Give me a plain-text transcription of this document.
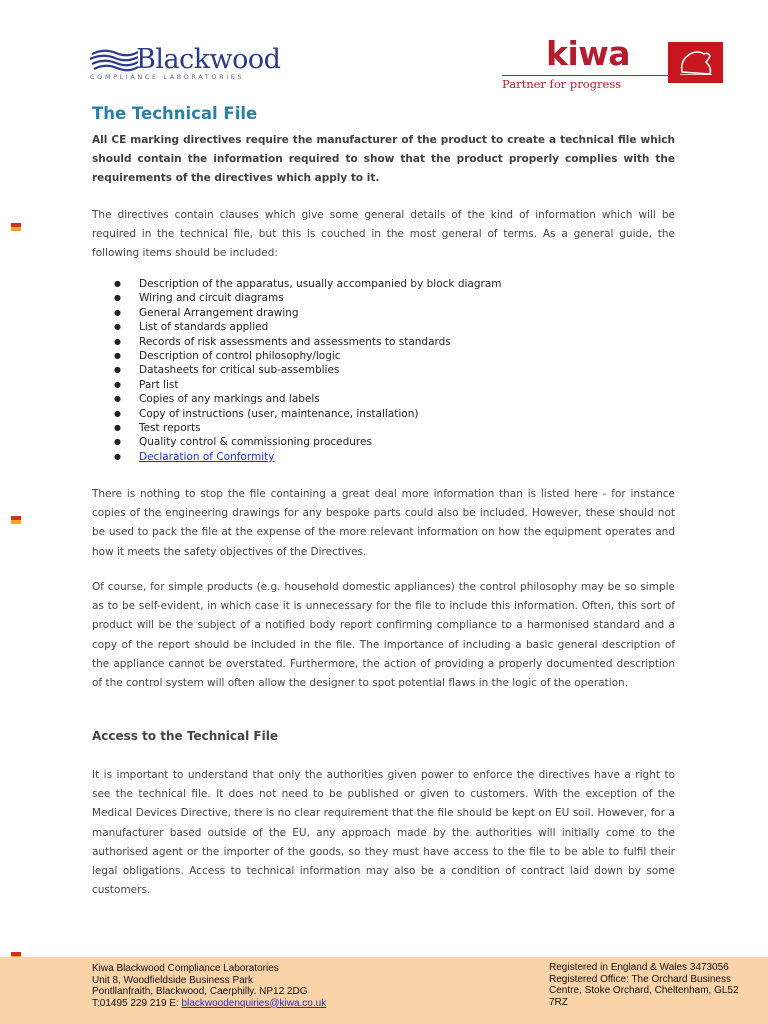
Blackwood
COMPLIANCE LABORATORIES
kiwa
Partner for progress
The Technical File

All CE marking directives require the manufacturer of the product to create a technical file which should contain the information required to show that the product properly complies with the requirements of the directives which apply to it.

The directives contain clauses which give some general details of the kind of information which will be required in the technical file, but this is couched in the most general of terms. As a general guide, the following items should be included:

● Description of the apparatus, usually accompanied by block diagram
● Wiring and circuit diagrams
● General Arrangement drawing
● List of standards applied
● Records of risk assessments and assessments to standards
● Description of control philosophy/logic
● Datasheets for critical sub-assemblies
● Part list
● Copies of any markings and labels
● Copy of instructions (user, maintenance, installation)
● Test reports
● Quality control & commissioning procedures
● Declaration of Conformity

There is nothing to stop the file containing a great deal more information than is listed here - for instance copies of the engineering drawings for any bespoke parts could also be included. However, these should not be used to pack the file at the expense of the more relevant information on how the equipment operates and how it meets the safety objectives of the Directives.

Of course, for simple products (e.g. household domestic appliances) the control philosophy may be so simple as to be self-evident, in which case it is unnecessary for the file to include this information. Often, this sort of product will be the subject of a notified body report confirming compliance to a harmonised standard and a copy of the report should be included in the file. The importance of including a basic general description of the appliance cannot be overstated. Furthermore, the action of providing a properly documented description of the control system will often allow the designer to spot potential flaws in the logic of the operation.

Access to the Technical File

It is important to understand that only the authorities given power to enforce the directives have a right to see the technical file. It does not need to be published or given to customers. With the exception of the Medical Devices Directive, there is no clear requirement that the file should be kept on EU soil. However, for a manufacturer based outside of the EU, any approach made by the authorities will initially come to the authorised agent or the importer of the goods, so they must have access to the file to be able to fulfil their legal obligations. Access to technical information may also be a condition of contract laid down by some customers.

Kiwa Blackwood Compliance Laboratories
Unit 8, Woodfieldside Business Park
Pontllanfraith, Blackwood, Caerphilly. NP12 2DG
T:01495 229 219 E: blackwoodenquiries@kiwa.co.uk
Registered in England & Wales 3473056
Registered Office: The Orchard Business Centre, Stoke Orchard, Cheltenham, GL52 7RZ
